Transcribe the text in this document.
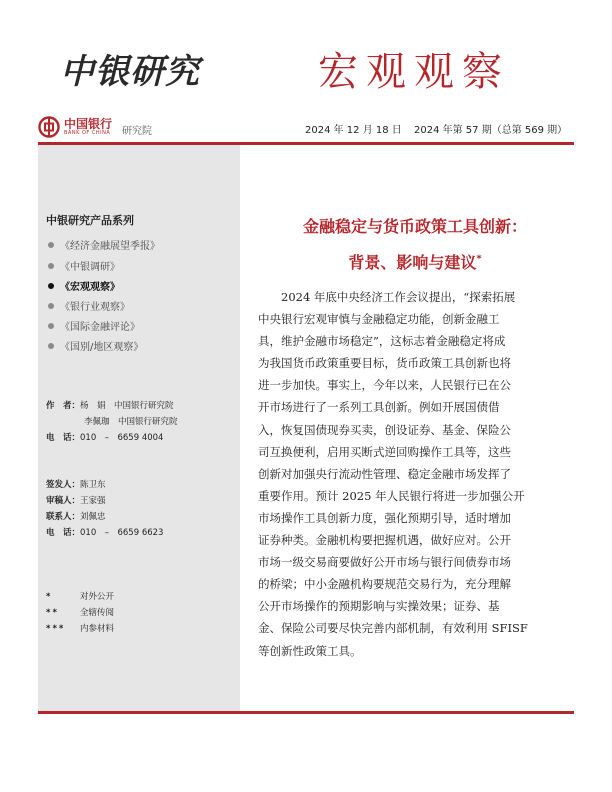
中银研究	宏观观察
中国银行
BANK OF CHINA 研究院	2024 年 12 月 18 日 2024 年第 57 期（总第 569 期）
中银研究产品系列
《经济金融展望季报》
《中银调研》
《宏观观察》
《银行业观察》
《国际金融评论》
《国别/地区观察》
作　者：杨　娟　中国银行研究院
李佩珈　中国银行研究院
电　话：010　–　6659 4004
签发人：陈卫东
审稿人：王家强
联系人：刘佩忠
电　话：010　–　6659 6623
*	对外公开
** 全辖传阅
*** 内参材料
金融稳定与货币政策工具创新：
背景、影响与建议*
　　2024 年底中央经济工作会议提出，“探索拓展
中央银行宏观审慎与金融稳定功能，创新金融工
具，维护金融市场稳定”，这标志着金融稳定将成
为我国货币政策重要目标，货币政策工具创新也将
进一步加快。事实上，今年以来，人民银行已在公
开市场进行了一系列工具创新。例如开展国债借
入，恢复国债现券买卖，创设证券、基金、保险公
司互换便利，启用买断式逆回购操作工具等，这些
创新对加强央行流动性管理、稳定金融市场发挥了
重要作用。预计 2025 年人民银行将进一步加强公开
市场操作工具创新力度，强化预期引导，适时增加
证券种类。金融机构要把握机遇，做好应对。公开
市场一级交易商要做好公开市场与银行间债券市场
的桥梁；中小金融机构要规范交易行为，充分理解
公开市场操作的预期影响与实操效果；证券、基
金、保险公司要尽快完善内部机制，有效利用 SFISF
等创新性政策工具。
